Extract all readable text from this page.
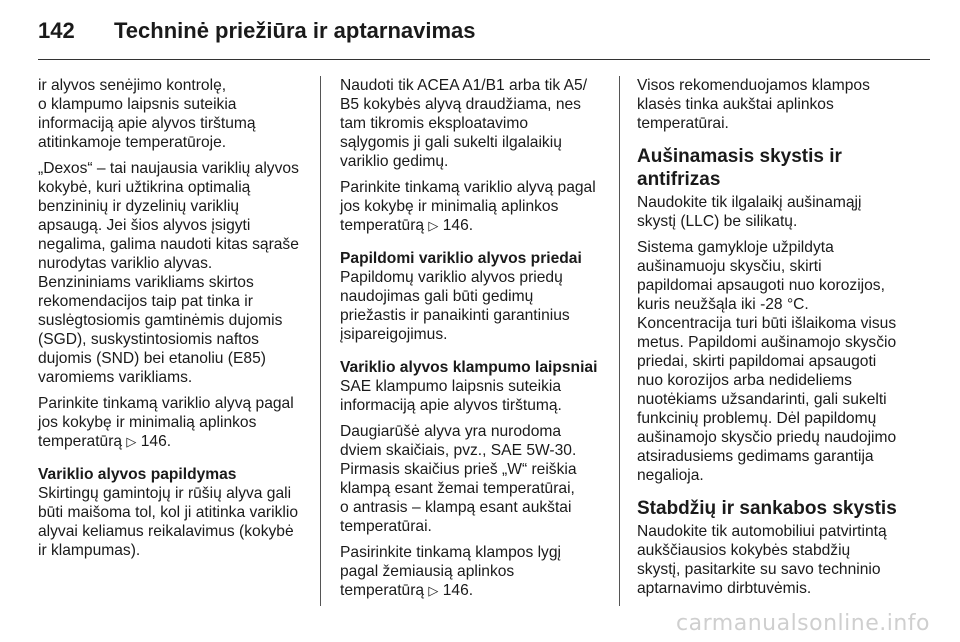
142	Techninė priežiūra ir aptarnavimas

ir alyvos senėjimo kontrolę,
o klampumo laipsnis suteikia
informaciją apie alyvos tirštumą
atitinkamoje temperatūroje.

„Dexos“ – tai naujausia variklių alyvos
kokybė, kuri užtikrina optimalią
benzininių ir dyzelinių variklių
apsaugą. Jei šios alyvos įsigyti
negalima, galima naudoti kitas sąraše
nurodytas variklio alyvas.
Benzininiams varikliams skirtos
rekomendacijos taip pat tinka ir
suslėgtosiomis gamtinėmis dujomis
(SGD), suskystintosiomis naftos
dujomis (SND) bei etanoliu (E85)
varomiems varikliams.

Parinkite tinkamą variklio alyvą pagal
jos kokybę ir minimalią aplinkos
temperatūrą ▷ 146.

Variklio alyvos papildymas

Skirtingų gamintojų ir rūšių alyva gali
būti maišoma tol, kol ji atitinka variklio
alyvai keliamus reikalavimus (kokybė
ir klampumas).

Naudoti tik ACEA A1/B1 arba tik A5/
B5 kokybės alyvą draudžiama, nes
tam tikromis eksploatavimo
sąlygomis ji gali sukelti ilgalaikių
variklio gedimų.

Parinkite tinkamą variklio alyvą pagal
jos kokybę ir minimalią aplinkos
temperatūrą ▷ 146.

Papildomi variklio alyvos priedai

Papildomų variklio alyvos priedų
naudojimas gali būti gedimų
priežastis ir panaikinti garantinius
įsipareigojimus.

Variklio alyvos klampumo laipsniai

SAE klampumo laipsnis suteikia
informaciją apie alyvos tirštumą.

Daugiarūšė alyva yra nurodoma
dviem skaičiais, pvz., SAE 5W-30.
Pirmasis skaičius prieš „W“ reiškia
klampą esant žemai temperatūrai,
o antrasis – klampą esant aukštai
temperatūrai.

Pasirinkite tinkamą klampos lygį
pagal žemiausią aplinkos
temperatūrą ▷ 146.

Visos rekomenduojamos klampos
klasės tinka aukštai aplinkos
temperatūrai.

Aušinamasis skystis ir antifrizas

Naudokite tik ilgalaikį aušinamąjį
skystį (LLC) be silikatų.

Sistema gamykloje užpildyta
aušinamuoju skysčiu, skirti
papildomai apsaugoti nuo korozijos,
kuris neužšąla iki -28 °C.
Koncentracija turi būti išlaikoma visus
metus. Papildomi aušinamojo skysčio
priedai, skirti papildomai apsaugoti
nuo korozijos arba nedideliems
nuotėkiams užsandarinti, gali sukelti
funkcinių problemų. Dėl papildomų
aušinamojo skysčio priedų naudojimo
atsiradusiems gedimams garantija
negalioja.

Stabdžių ir sankabos skystis

Naudokite tik automobiliui patvirtintą
aukščiausios kokybės stabdžių
skystį, pasitarkite su savo techninio
aptarnavimo dirbtuvėmis.

carmanualsonline.info
